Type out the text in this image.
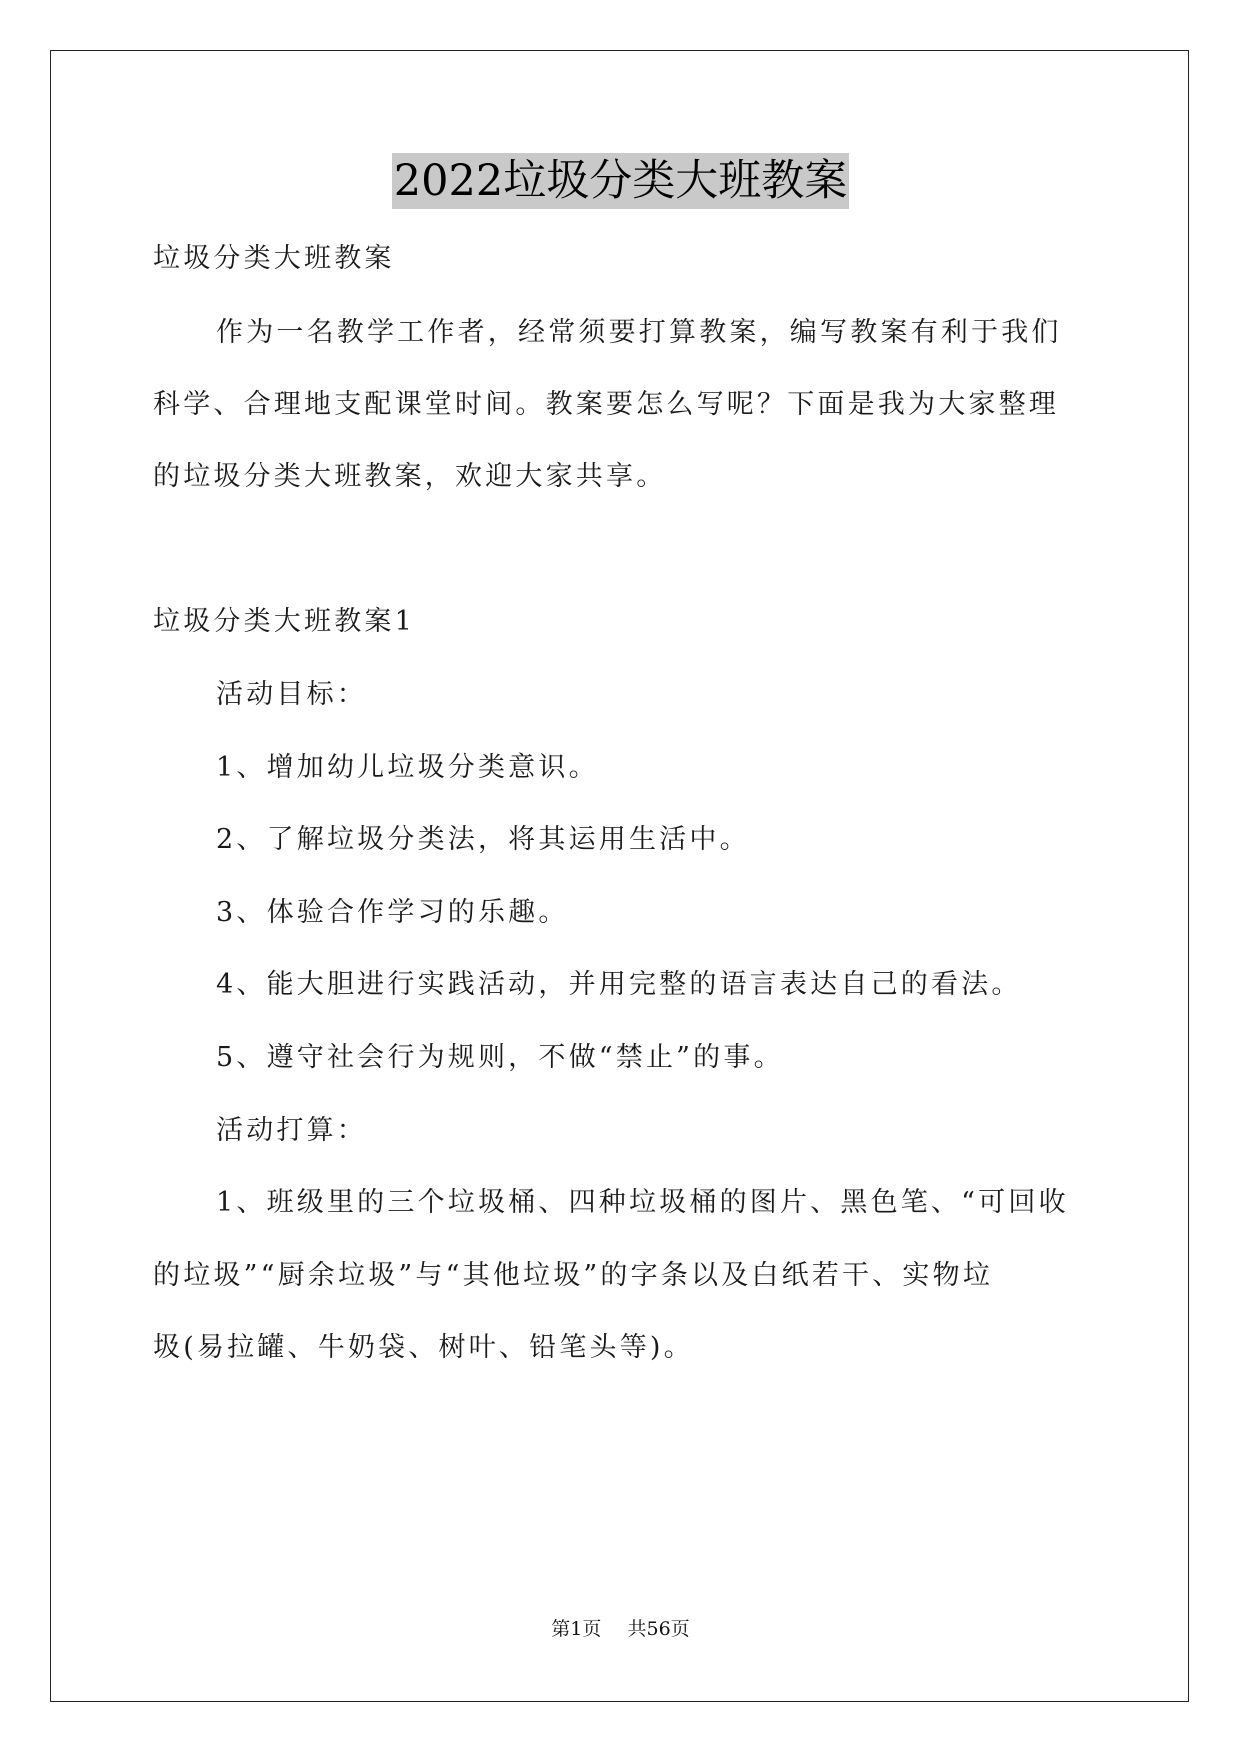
2022垃圾分类大班教案
垃圾分类大班教案
作为一名教学工作者，经常须要打算教案，编写教案有利于我们
科学、合理地支配课堂时间。教案要怎么写呢？下面是我为大家整理
的垃圾分类大班教案，欢迎大家共享。
垃圾分类大班教案1
活动目标：
1、增加幼儿垃圾分类意识。
2、了解垃圾分类法，将其运用生活中。
3、体验合作学习的乐趣。
4、能大胆进行实践活动，并用完整的语言表达自己的看法。
5、遵守社会行为规则，不做“禁止”的事。
活动打算：
1、班级里的三个垃圾桶、四种垃圾桶的图片、黑色笔、“可回收
的垃圾”“厨余垃圾”与“其他垃圾”的字条以及白纸若干、实物垃
圾(易拉罐、牛奶袋、树叶、铅笔头等)。
第1页 共56页
